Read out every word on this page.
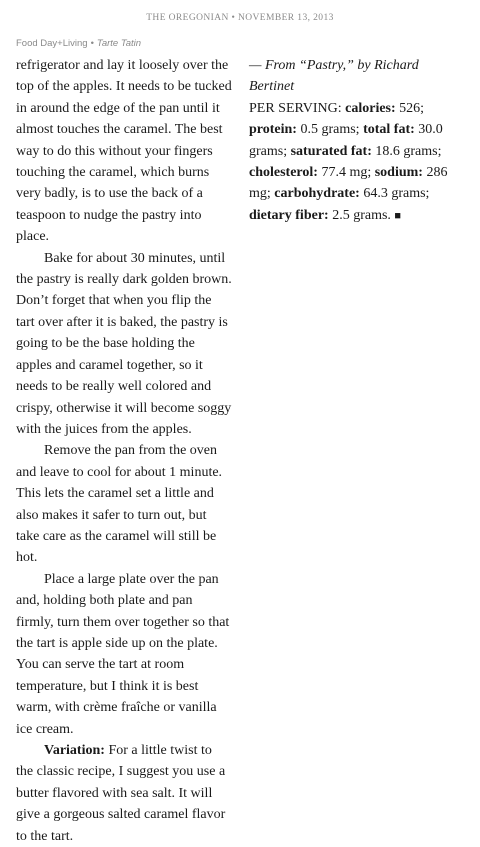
THE OREGONIAN • NOVEMBER 13, 2013
Food Day+Living • Tarte Tatin

refrigerator and lay it loosely over the top of the apples. It needs to be tucked in around the edge of the pan until it almost touches the caramel. The best way to do this without your fingers touching the caramel, which burns very badly, is to use the back of a teaspoon to nudge the pastry into place.

Bake for about 30 minutes, until the pastry is really dark golden brown. Don’t forget that when you flip the tart over after it is baked, the pastry is going to be the base holding the apples and caramel together, so it needs to be really well colored and crispy, otherwise it will become soggy with the juices from the apples.

Remove the pan from the oven and leave to cool for about 1 minute. This lets the caramel set a little and also makes it safer to turn out, but take care as the caramel will still be hot.

Place a large plate over the pan and, holding both plate and pan firmly, turn them over together so that the tart is apple side up on the plate. You can serve the tart at room temperature, but I think it is best warm, with crème fraîche or vanilla ice cream.

Variation: For a little twist to the classic recipe, I suggest you use a butter flavored with sea salt. It will give a gorgeous salted caramel flavor to the tart.

— From “Pastry,” by Richard Bertinet

PER SERVING: calories: 526; protein: 0.5 grams; total fat: 30.0 grams; saturated fat: 18.6 grams; cholesterol: 77.4 mg; sodium: 286 mg; carbohydrate: 64.3 grams; dietary fiber: 2.5 grams. ■
